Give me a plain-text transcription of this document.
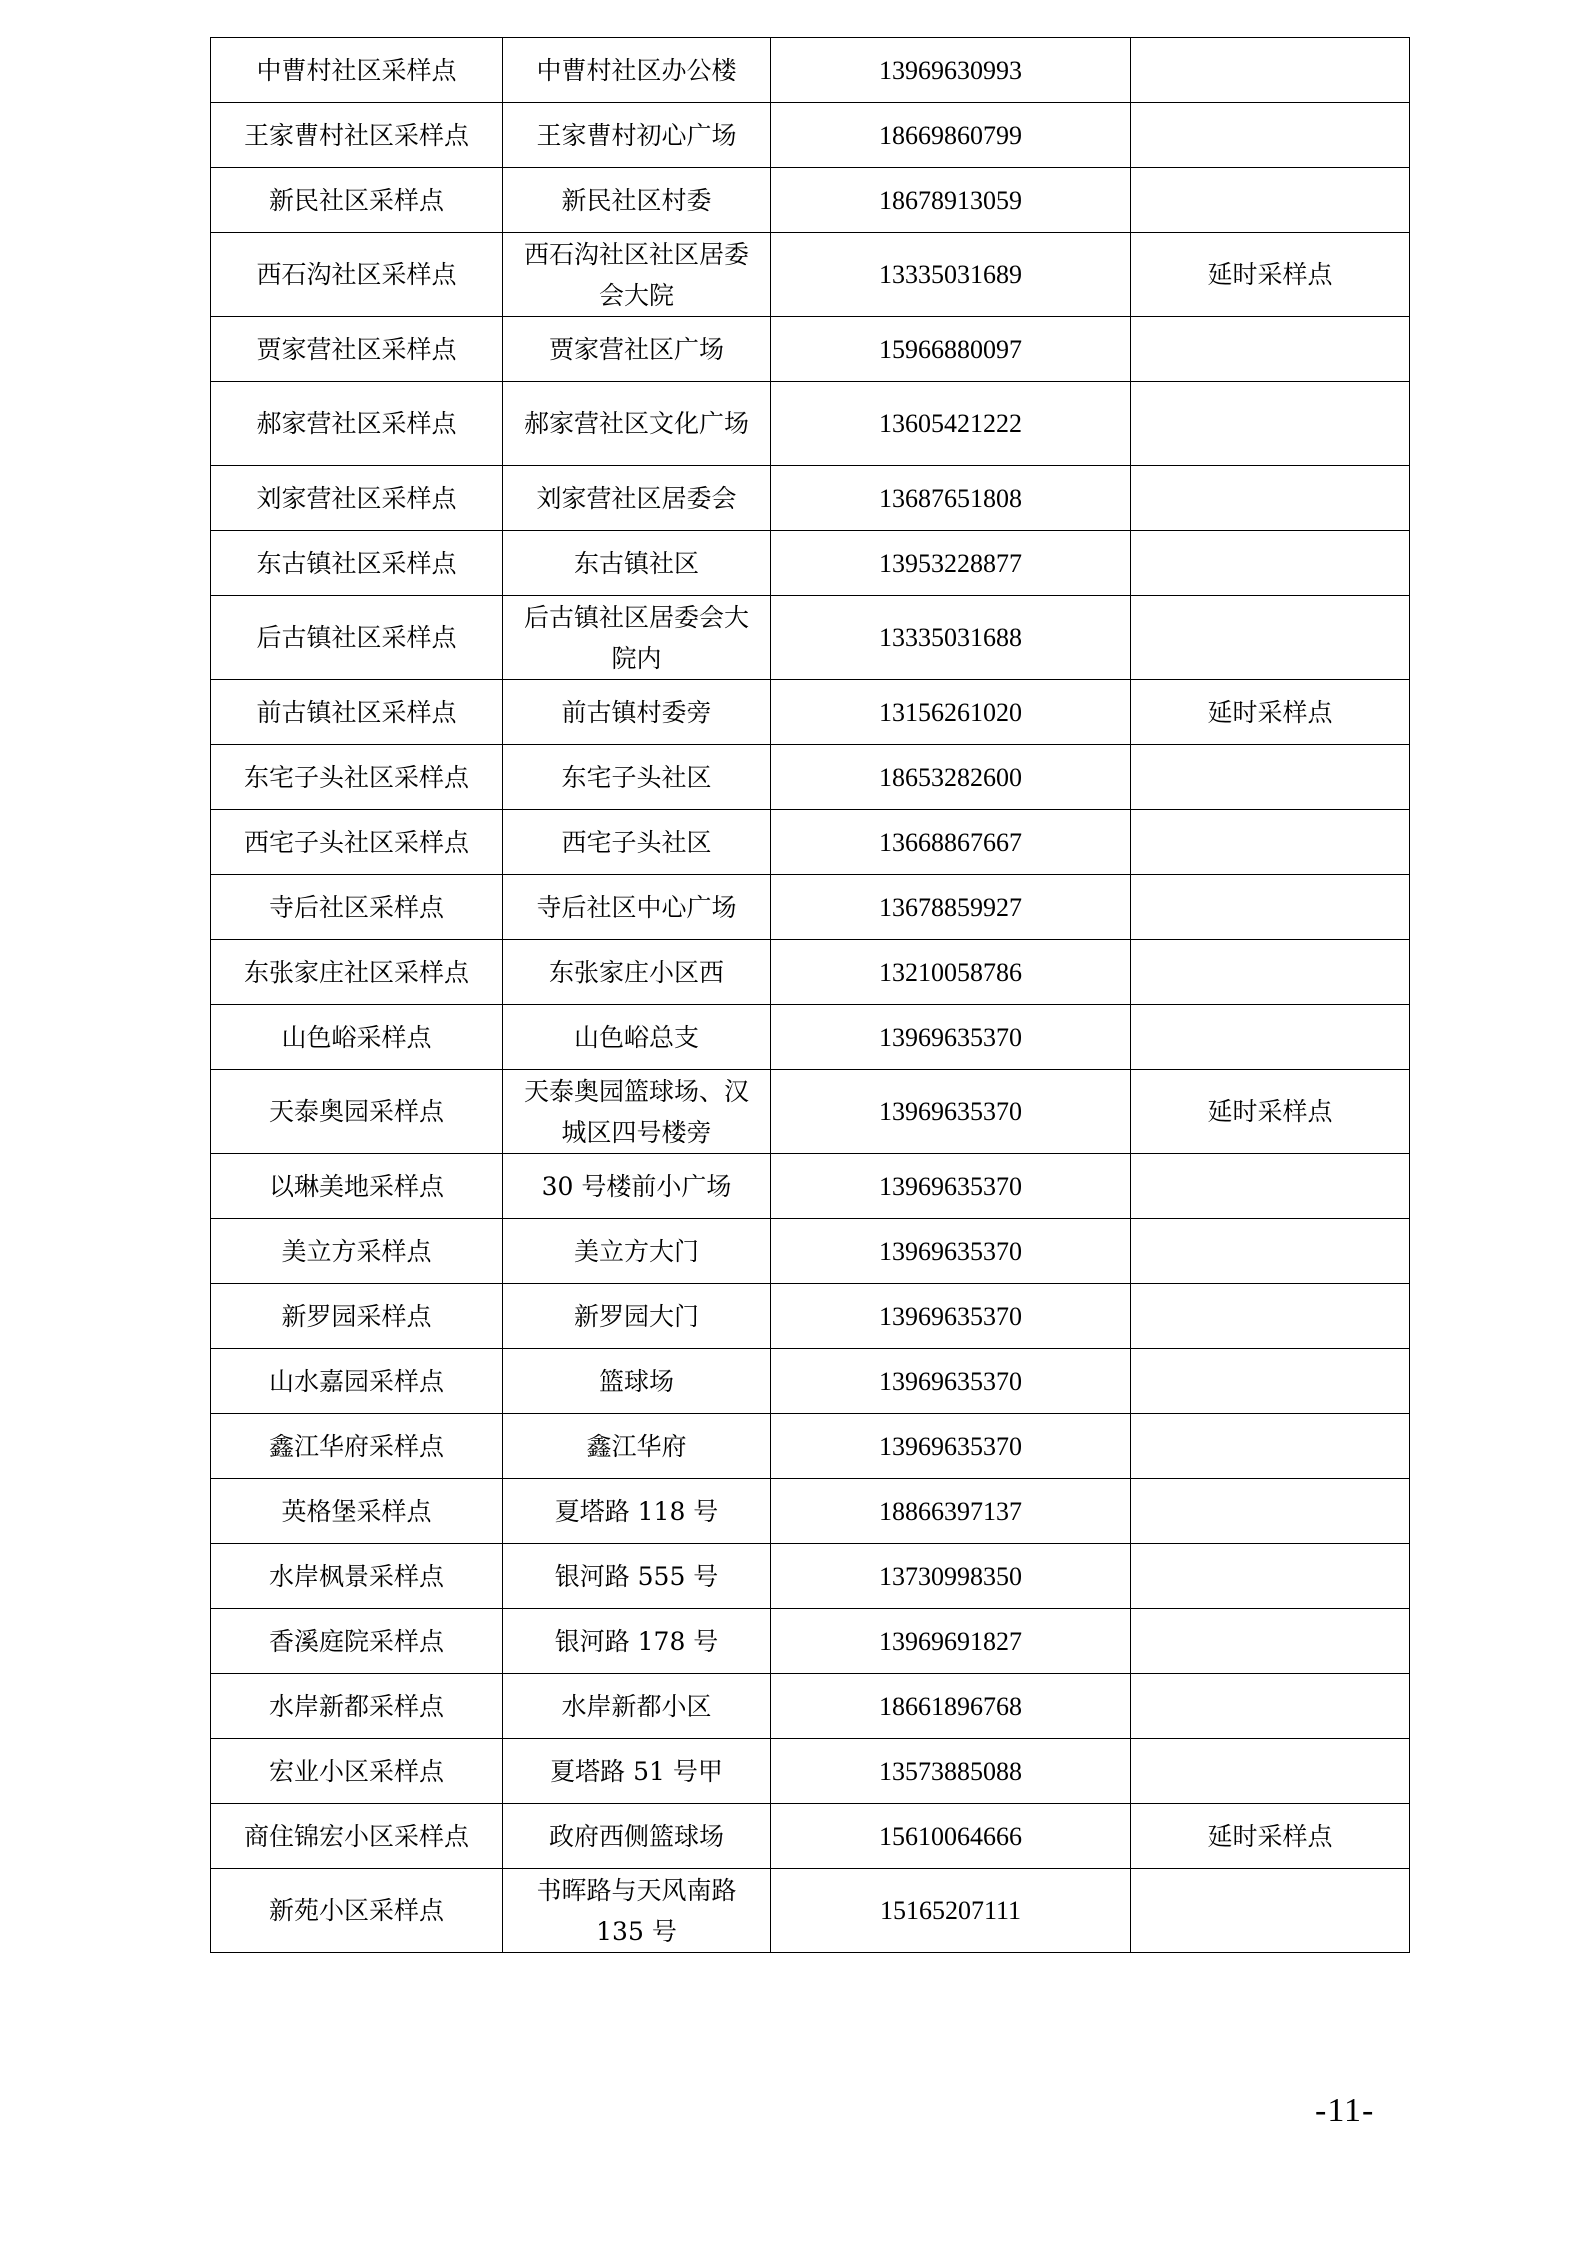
中曹村社区采样点	中曹村社区办公楼	13969630993	
王家曹村社区采样点	王家曹村初心广场	18669860799	
新民社区采样点	新民社区村委	18678913059	
西石沟社区采样点	西石沟社区社区居委会大院	13335031689	延时采样点
贾家营社区采样点	贾家营社区广场	15966880097	
郝家营社区采样点	郝家营社区文化广场	13605421222	
刘家营社区采样点	刘家营社区居委会	13687651808	
东古镇社区采样点	东古镇社区	13953228877	
后古镇社区采样点	后古镇社区居委会大院内	13335031688	
前古镇社区采样点	前古镇村委旁	13156261020	延时采样点
东宅子头社区采样点	东宅子头社区	18653282600	
西宅子头社区采样点	西宅子头社区	13668867667	
寺后社区采样点	寺后社区中心广场	13678859927	
东张家庄社区采样点	东张家庄小区西	13210058786	
山色峪采样点	山色峪总支	13969635370	
天泰奥园采样点	天泰奥园篮球场、汉城区四号楼旁	13969635370	延时采样点
以琳美地采样点	30 号楼前小广场	13969635370	
美立方采样点	美立方大门	13969635370	
新罗园采样点	新罗园大门	13969635370	
山水嘉园采样点	篮球场	13969635370	
鑫江华府采样点	鑫江华府	13969635370	
英格堡采样点	夏塔路 118 号	18866397137	
水岸枫景采样点	银河路 555 号	13730998350	
香溪庭院采样点	银河路 178 号	13969691827	
水岸新都采样点	水岸新都小区	18661896768	
宏业小区采样点	夏塔路 51 号甲	13573885088	
商住锦宏小区采样点	政府西侧篮球场	15610064666	延时采样点
新苑小区采样点	书晖路与天风南路 135 号	15165207111	
-11-
